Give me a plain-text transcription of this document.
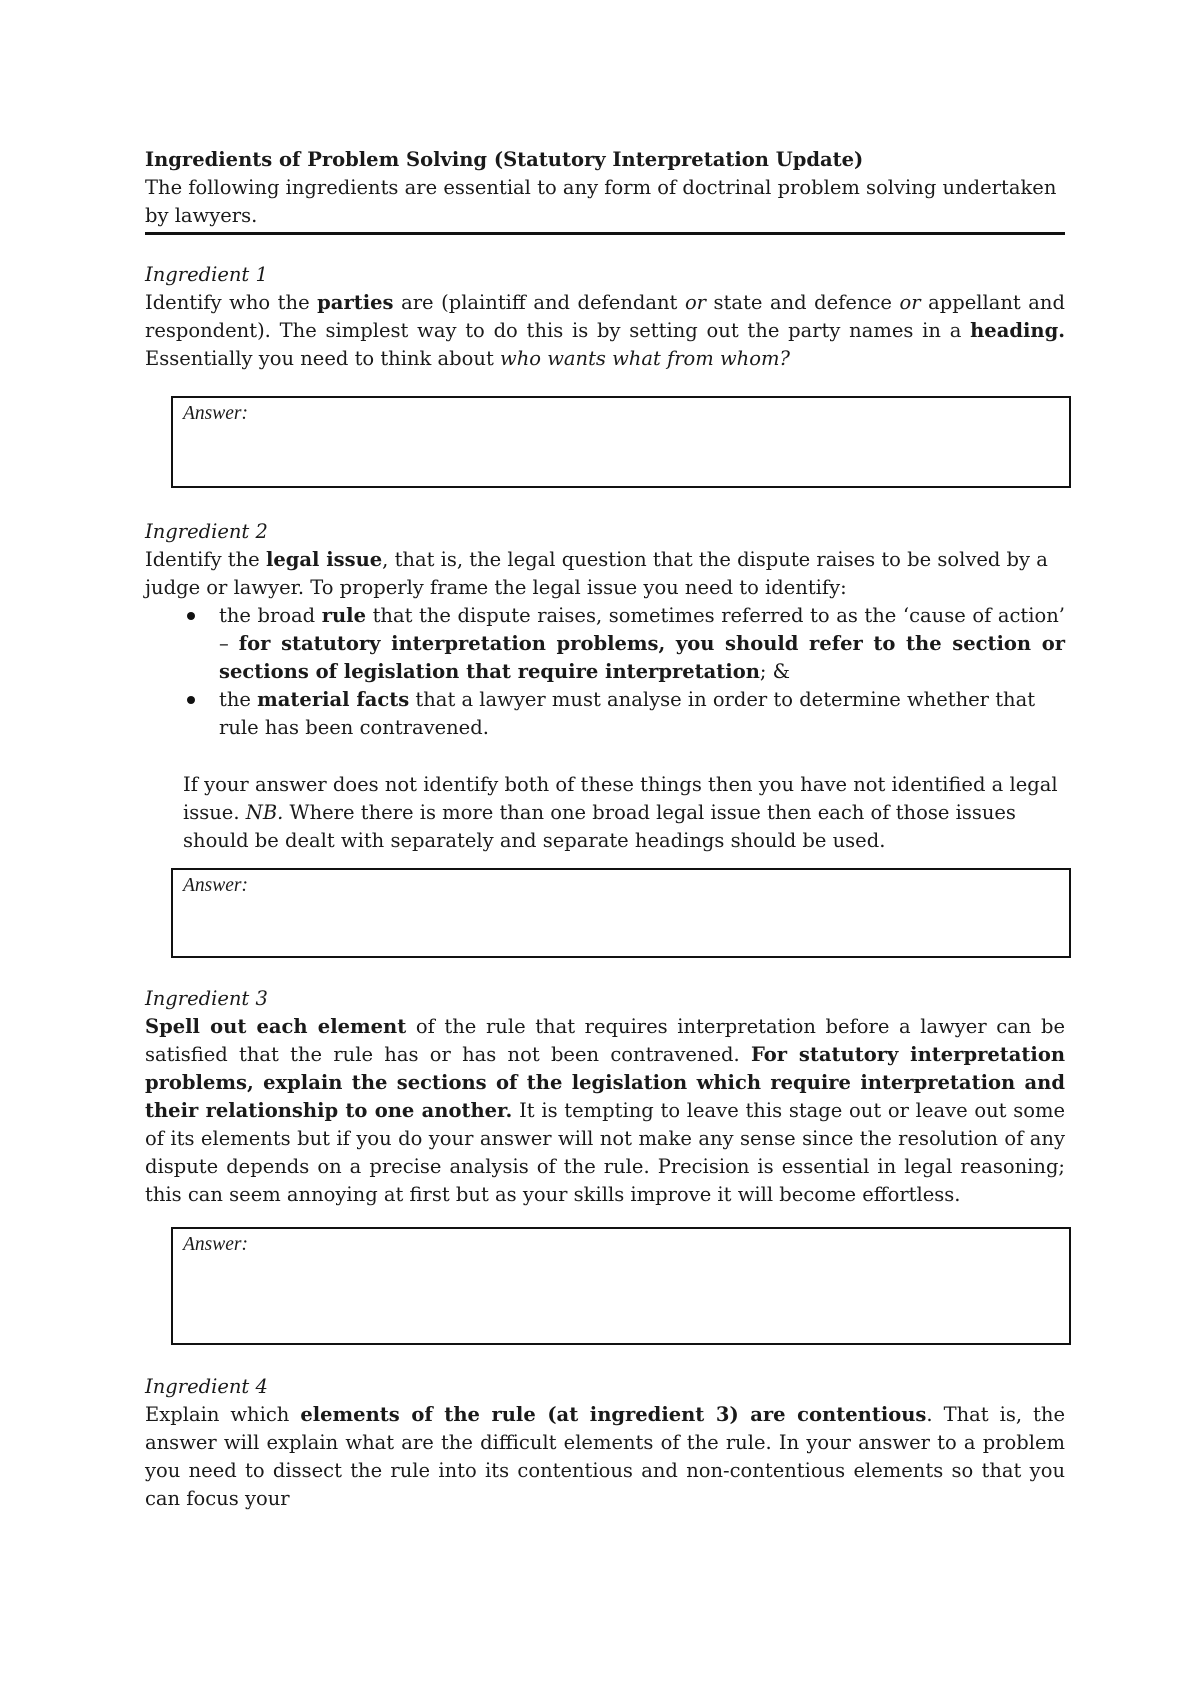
Ingredients of Problem Solving (Statutory Interpretation Update)

The following ingredients are essential to any form of doctrinal problem solving undertaken by lawyers.

Ingredient 1

Identify who the parties are (plaintiff and defendant or state and defence or appellant and respondent). The simplest way to do this is by setting out the party names in a heading. Essentially you need to think about who wants what from whom?

Answer:

Ingredient 2

Identify the legal issue, that is, the legal question that the dispute raises to be solved by a judge or lawyer. To properly frame the legal issue you need to identify:

the broad rule that the dispute raises, sometimes referred to as the ‘cause of action’ – for statutory interpretation problems, you should refer to the section or sections of legislation that require interpretation; &
the material facts that a lawyer must analyse in order to determine whether that rule has been contravened.

If your answer does not identify both of these things then you have not identified a legal issue. NB. Where there is more than one broad legal issue then each of those issues should be dealt with separately and separate headings should be used.

Answer:

Ingredient 3

Spell out each element of the rule that requires interpretation before a lawyer can be satisfied that the rule has or has not been contravened. For statutory interpretation problems, explain the sections of the legislation which require interpretation and their relationship to one another. It is tempting to leave this stage out or leave out some of its elements but if you do your answer will not make any sense since the resolution of any dispute depends on a precise analysis of the rule. Precision is essential in legal reasoning; this can seem annoying at first but as your skills improve it will become effortless.

Answer:

Ingredient 4

Explain which elements of the rule (at ingredient 3) are contentious. That is, the answer will explain what are the difficult elements of the rule. In your answer to a problem you need to dissect the rule into its contentious and non-contentious elements so that you can focus your
